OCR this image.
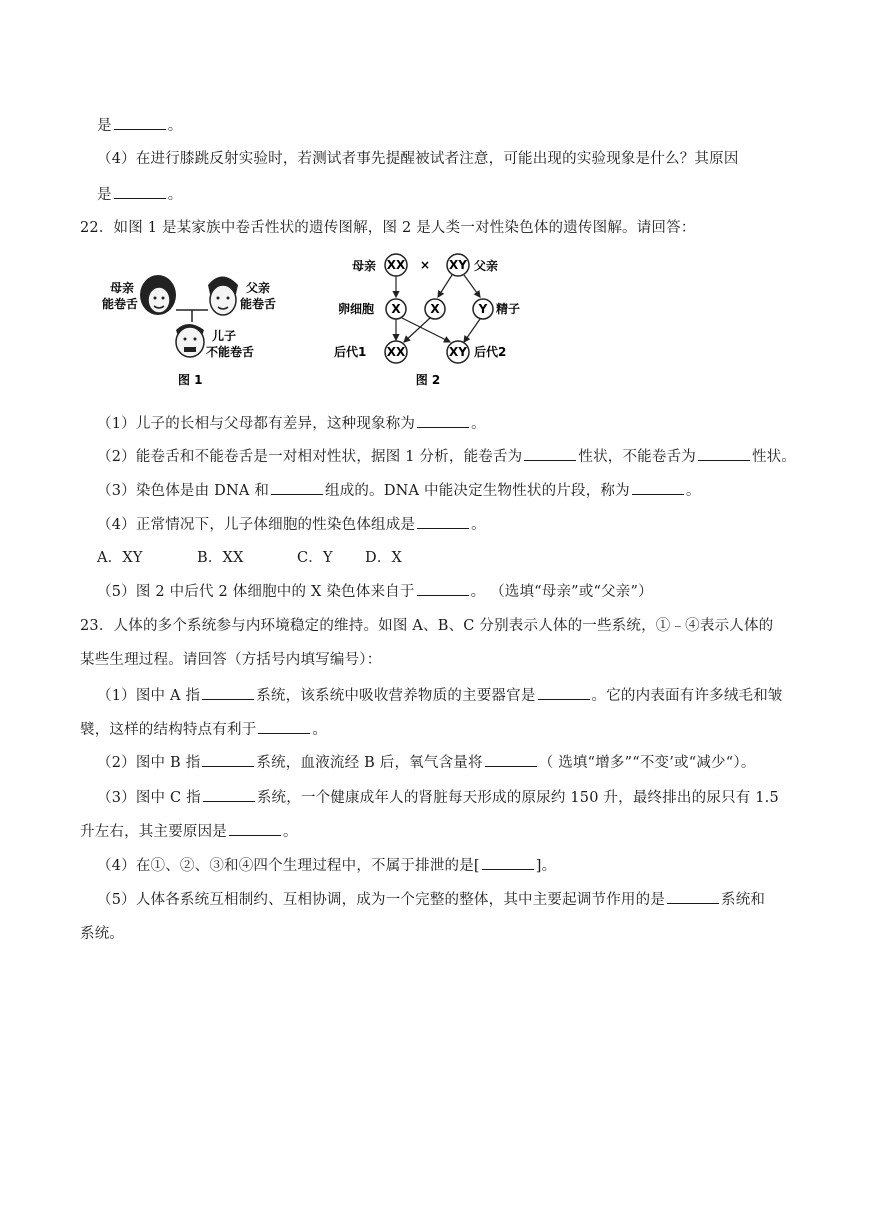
是	。
（4）在进行膝跳反射实验时，若测试者事先提醒被试者注意，可能出现的实验现象是什么？其原因
是	。
22．如图 1 是某家族中卷舌性状的遗传图解，图 2 是人类一对性染色体的遗传图解。请回答：
母亲
能卷舌
父亲
能卷舌
儿子
不能卷舌
图 1
母亲 XX × XY 父亲
卵细胞 X X	Y 精子
后代1 XX	XY 后代2
图 2
（1）儿子的长相与父母都有差异，这种现象称为	。
（2）能卷舌和不能卷舌是一对相对性状，据图 1 分析，能卷舌为	性状，不能卷舌为	性状。
（3）染色体是由 DNA 和	组成的。DNA 中能决定生物性状的片段，称为	。
（4）正常情况下，儿子体细胞的性染色体组成是	。
A．XY	B．XX	C．Y D．X
（5）图 2 中后代 2 体细胞中的 X 染色体来自于	。 （选填“母亲”或“父亲”）
23．人体的多个系统参与内环境稳定的维持。如图 A、B、C 分别表示人体的一些系统，①﹣④表示人体的
某些生理过程。请回答（方括号内填写编号）：
（1）图中 A 指	系统，该系统中吸收营养物质的主要器官是	。它的内表面有许多绒毛和皱
襞，这样的结构特点有利于	。
（2）图中 B 指	系统，血液流经 B 后，氧气含量将	（ 选填“增多”“不变’或“减少“）。
（3）图中 C 指	系统，一个健康成年人的肾脏每天形成的原尿约 150 升，最终排出的尿只有 1.5
升左右，其主要原因是	。
（4）在①、②、③和④四个生理过程中，不属于排泄的是[	]。
（5）人体各系统互相制约、互相协调，成为一个完整的整体，其中主要起调节作用的是	系统和
系统。
